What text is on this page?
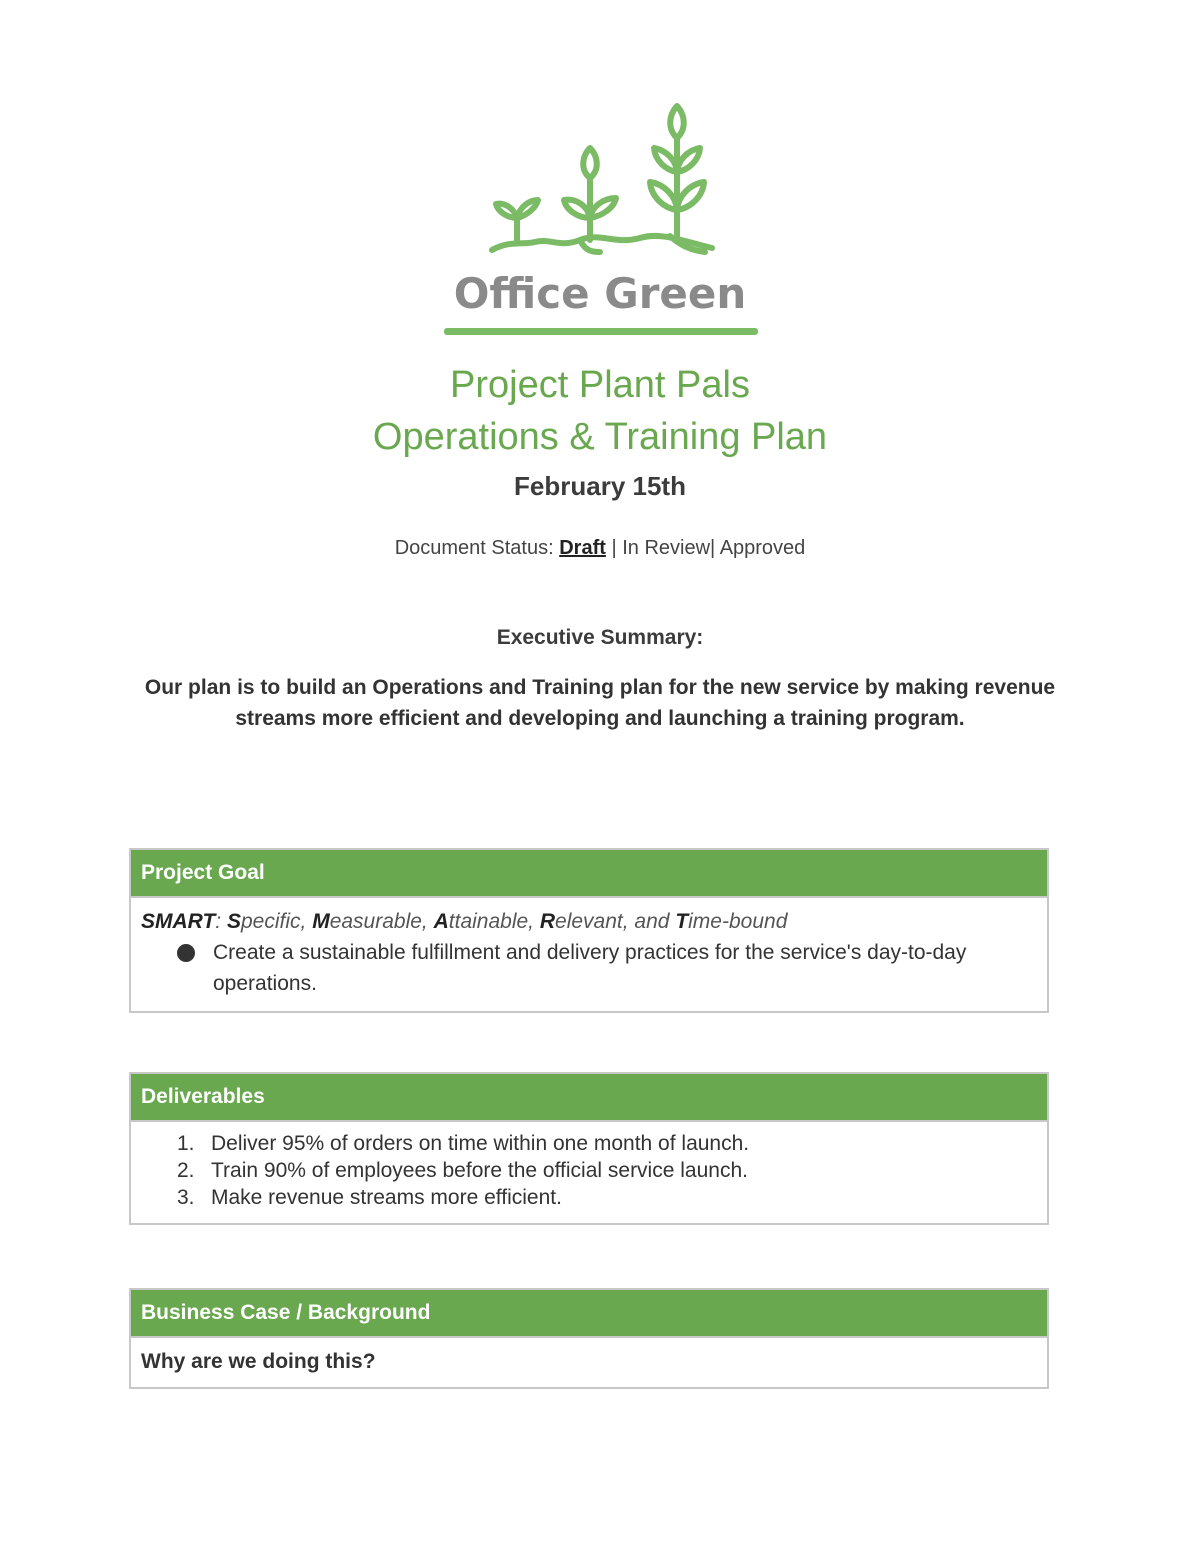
Office Green
Project Plant Pals
Operations & Training Plan
February 15th
Document Status: Draft | In Review| Approved
Executive Summary:
Our plan is to build an Operations and Training plan for the new service by making revenue streams more efficient and developing and launching a training program.
Project Goal
SMART: Specific, Measurable, Attainable, Relevant, and Time-bound
Create a sustainable fulfillment and delivery practices for the service's day-to-day operations.
Deliverables
1. Deliver 95% of orders on time within one month of launch.
2. Train 90% of employees before the official service launch.
3. Make revenue streams more efficient.
Business Case / Background
Why are we doing this?
